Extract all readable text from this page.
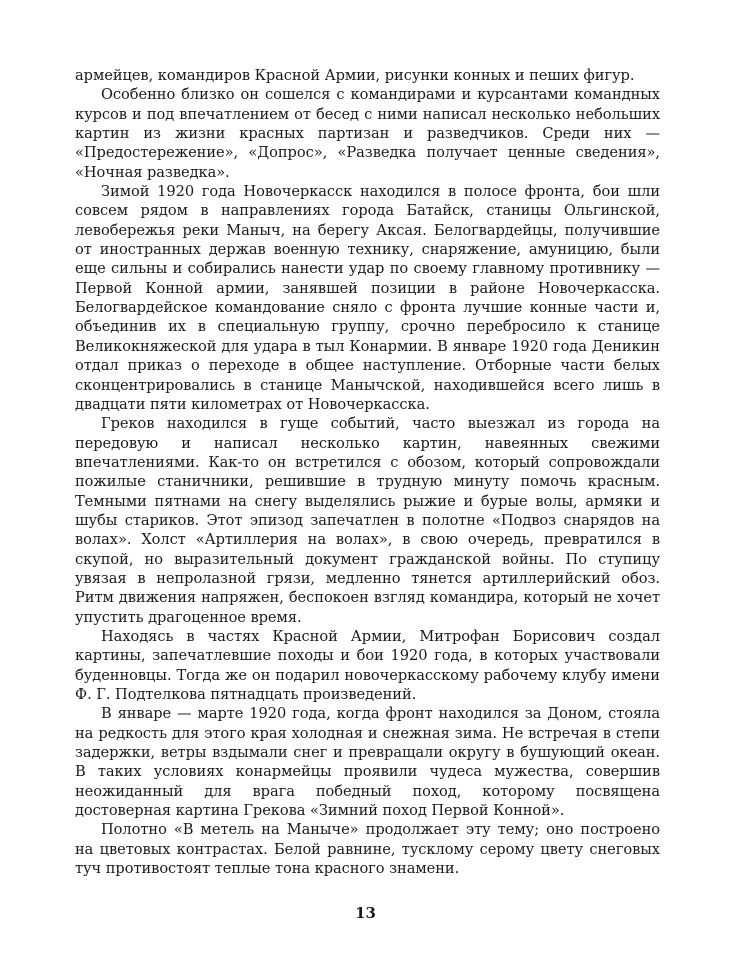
армейцев, командиров Красной Армии, рисунки конных и пеших фигур.

Особенно близко он сошелся с командирами и курсантами командных курсов и под впечатлением от бесед с ними написал несколько небольших картин из жизни красных партизан и разведчиков. Среди них — «Предостережение», «Допрос», «Разведка получает ценные сведения», «Ночная разведка».

Зимой 1920 года Новочеркасск находился в полосе фронта, бои шли совсем рядом в направлениях города Батайск, станицы Ольгинской, левобережья реки Маныч, на берегу Аксая. Белогвардейцы, получившие от иностранных держав военную технику, снаряжение, амуницию, были еще сильны и собирались нанести удар по своему главному противнику — Первой Конной армии, занявшей позиции в районе Новочеркасска. Белогвардейское командование сняло с фронта лучшие конные части и, объединив их в специальную группу, срочно перебросило к станице Великокняжеской для удара в тыл Конармии. В январе 1920 года Деникин отдал приказ о переходе в общее наступление. Отборные части белых сконцентрировались в станице Манычской, находившейся всего лишь в двадцати пяти километрах от Новочеркасска.

Греков находился в гуще событий, часто выезжал из города на передовую и написал несколько картин, навеянных свежими впечатлениями. Как-то он встретился с обозом, который сопровождали пожилые станичники, решившие в трудную минуту помочь красным. Темными пятнами на снегу выделялись рыжие и бурые волы, армяки и шубы стариков. Этот эпизод запечатлен в полотне «Подвоз снарядов на волах». Холст «Артиллерия на волах», в свою очередь, превратился в скупой, но выразительный документ гражданской войны. По ступицу увязая в непролазной грязи, медленно тянется артиллерийский обоз. Ритм движения напряжен, беспокоен взгляд командира, который не хочет упустить драгоценное время.

Находясь в частях Красной Армии, Митрофан Борисович создал картины, запечатлевшие походы и бои 1920 года, в которых участвовали буденновцы. Тогда же он подарил новочеркасскому рабочему клубу имени Ф. Г. Подтелкова пятнадцать произведений.

В январе — марте 1920 года, когда фронт находился за Доном, стояла на редкость для этого края холодная и снежная зима. Не встречая в степи задержки, ветры вздымали снег и превращали округу в бушующий океан. В таких условиях конармейцы проявили чудеса мужества, совершив неожиданный для врага победный поход, которому посвящена достоверная картина Грекова «Зимний поход Первой Конной».

Полотно «В метель на Маныче» продолжает эту тему; оно построено на цветовых контрастах. Белой равнине, тусклому серому цвету снеговых туч противостоят теплые тона красного знамени.

13
